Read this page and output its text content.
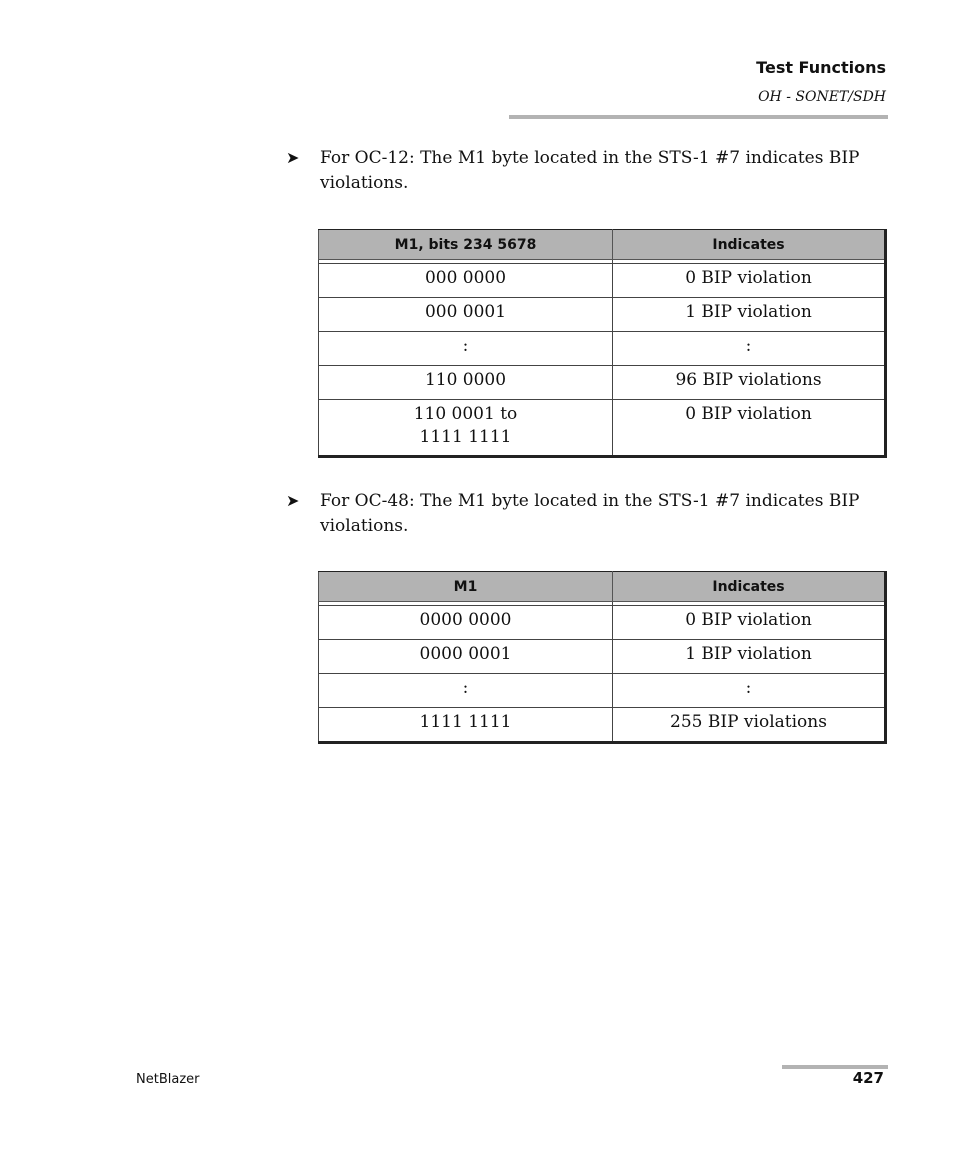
Test Functions
OH - SONET/SDH
➤ For OC-12: The M1 byte located in the STS-1 #7 indicates BIP violations.
M1, bits 234 5678	Indicates

000 0000	0 BIP violation
000 0001	1 BIP violation
:	:
110 0000	96 BIP violations
110 0001 to
1111 1111	0 BIP violation
➤ For OC-48: The M1 byte located in the STS-1 #7 indicates BIP violations.
M1	Indicates

0000 0000	0 BIP violation
0000 0001	1 BIP violation
:	:
1111 1111	255 BIP violations
NetBlazer	427
